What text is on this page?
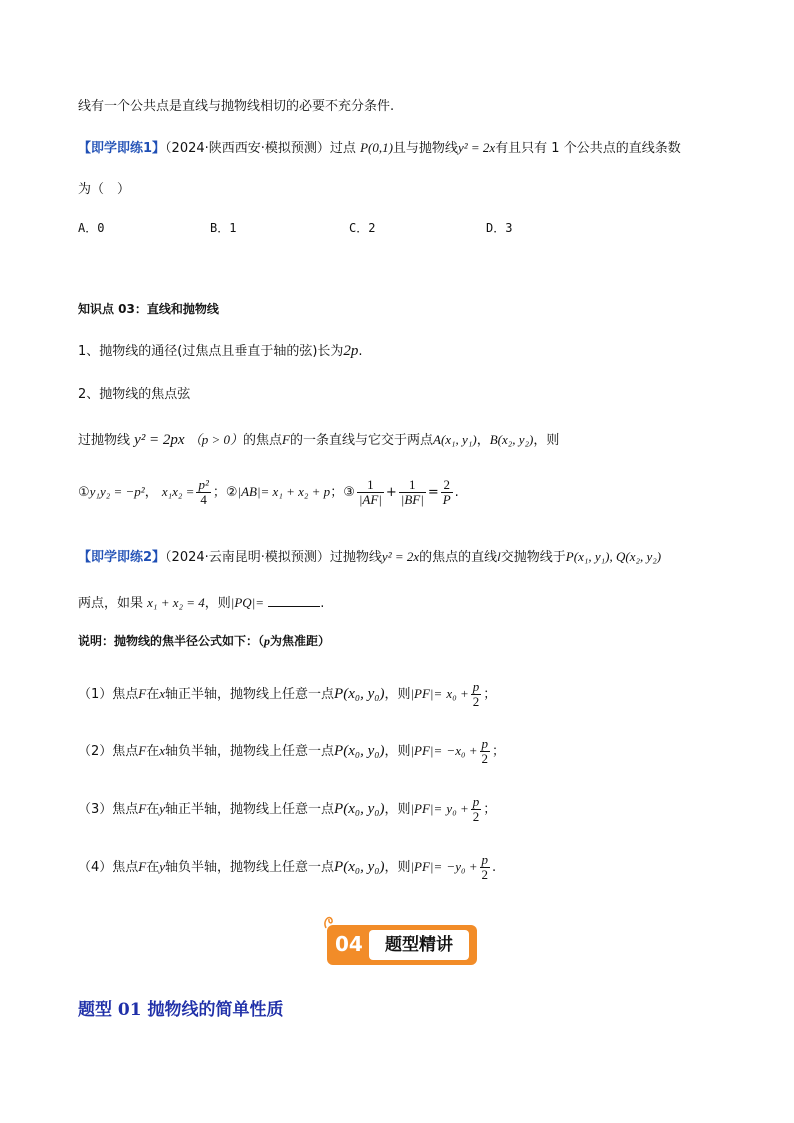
线有一个公共点是直线与抛物线相切的必要不充分条件.
【即学即练1】（2024·陕西西安·模拟预测）过点 P(0,1)且与抛物线y² = 2x有且只有 1 个公共点的直线条数
为（　）
A．0	B．1	C．2	D．3
知识点 03：直线和抛物线
1、抛物线的通径(过焦点且垂直于轴的弦)长为2p.
2、抛物线的焦点弦
过抛物线 y² = 2px （p > 0）的焦点F的一条直线与它交于两点A(x₁, y₁)，B(x₂, y₂)，则
①y₁y₂ = −p²， $x_1x_2 = \frac{\text{p²}}{4}$ ；②|AB|= x₁ + x₂ + p；③ $\frac{1}{|AF|} + \frac{1}{|BF|} = \frac{2}{P}$ .
【即学即练2】（2024·云南昆明·模拟预测）过抛物线y² = 2x的焦点的直线l交抛物线于P(x₁, y₁), Q(x₂, y₂)
两点，如果 x₁ + x₂ = 4，则|PQ|=	.
说明：抛物线的焦半径公式如下：（p为焦准距）
（1）焦点F在x轴正半轴，抛物线上任意一点P(x₀, y₀)，则$|PF|= x_0 + \frac{p}{2}$ ；
（2）焦点F在x轴负半轴，抛物线上任意一点P(x₀, y₀)，则$|PF|= -x_0 + \frac{p}{2}$ ；
（3）焦点F在y轴正半轴，抛物线上任意一点P(x₀, y₀)，则$|PF|= y_0 + \frac{p}{2}$ ；
（4）焦点F在y轴负半轴，抛物线上任意一点P(x₀, y₀)，则$|PF|= -y_0 + \frac{p}{2}$ .
04	题型精讲
题型 01 抛物线的简单性质
